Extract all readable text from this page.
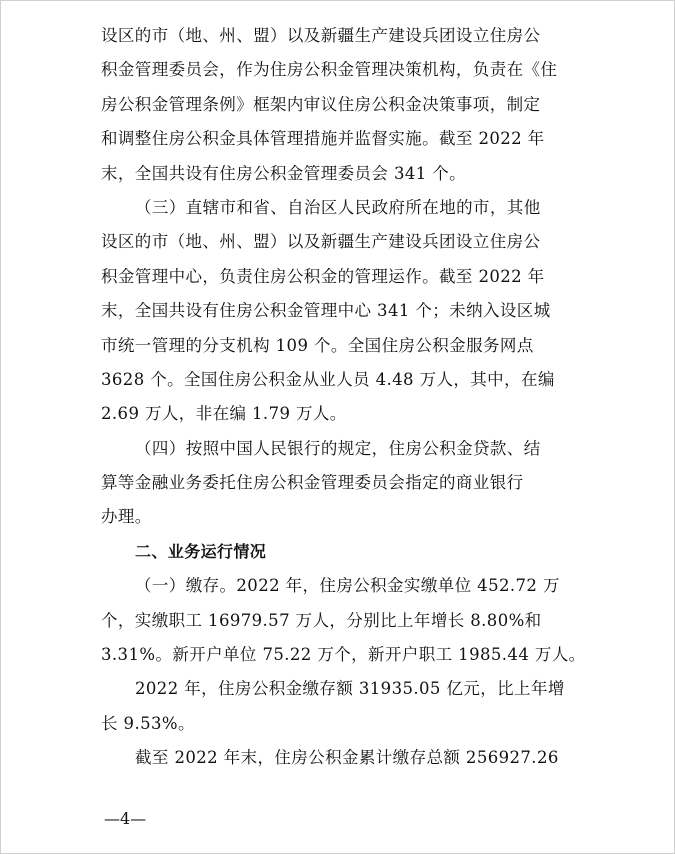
设区的市（地、州、盟）以及新疆生产建设兵团设立住房公
积金管理委员会，作为住房公积金管理决策机构，负责在《住
房公积金管理条例》框架内审议住房公积金决策事项，制定
和调整住房公积金具体管理措施并监督实施。截至 2022 年
末，全国共设有住房公积金管理委员会 341 个。
（三）直辖市和省、自治区人民政府所在地的市，其他
设区的市（地、州、盟）以及新疆生产建设兵团设立住房公
积金管理中心，负责住房公积金的管理运作。截至 2022 年
末，全国共设有住房公积金管理中心 341 个；未纳入设区城
市统一管理的分支机构 109 个。全国住房公积金服务网点
3628 个。全国住房公积金从业人员 4.48 万人，其中，在编
2.69 万人，非在编 1.79 万人。
（四）按照中国人民银行的规定，住房公积金贷款、结
算等金融业务委托住房公积金管理委员会指定的商业银行
办理。
二、业务运行情况
（一）缴存。2022 年，住房公积金实缴单位 452.72 万
个，实缴职工 16979.57 万人，分别比上年增长 8.80%和
3.31%。新开户单位 75.22 万个，新开户职工 1985.44 万人。
2022 年，住房公积金缴存额 31935.05 亿元，比上年增
长 9.53%。
截至 2022 年末，住房公积金累计缴存总额 256927.26
—4—
